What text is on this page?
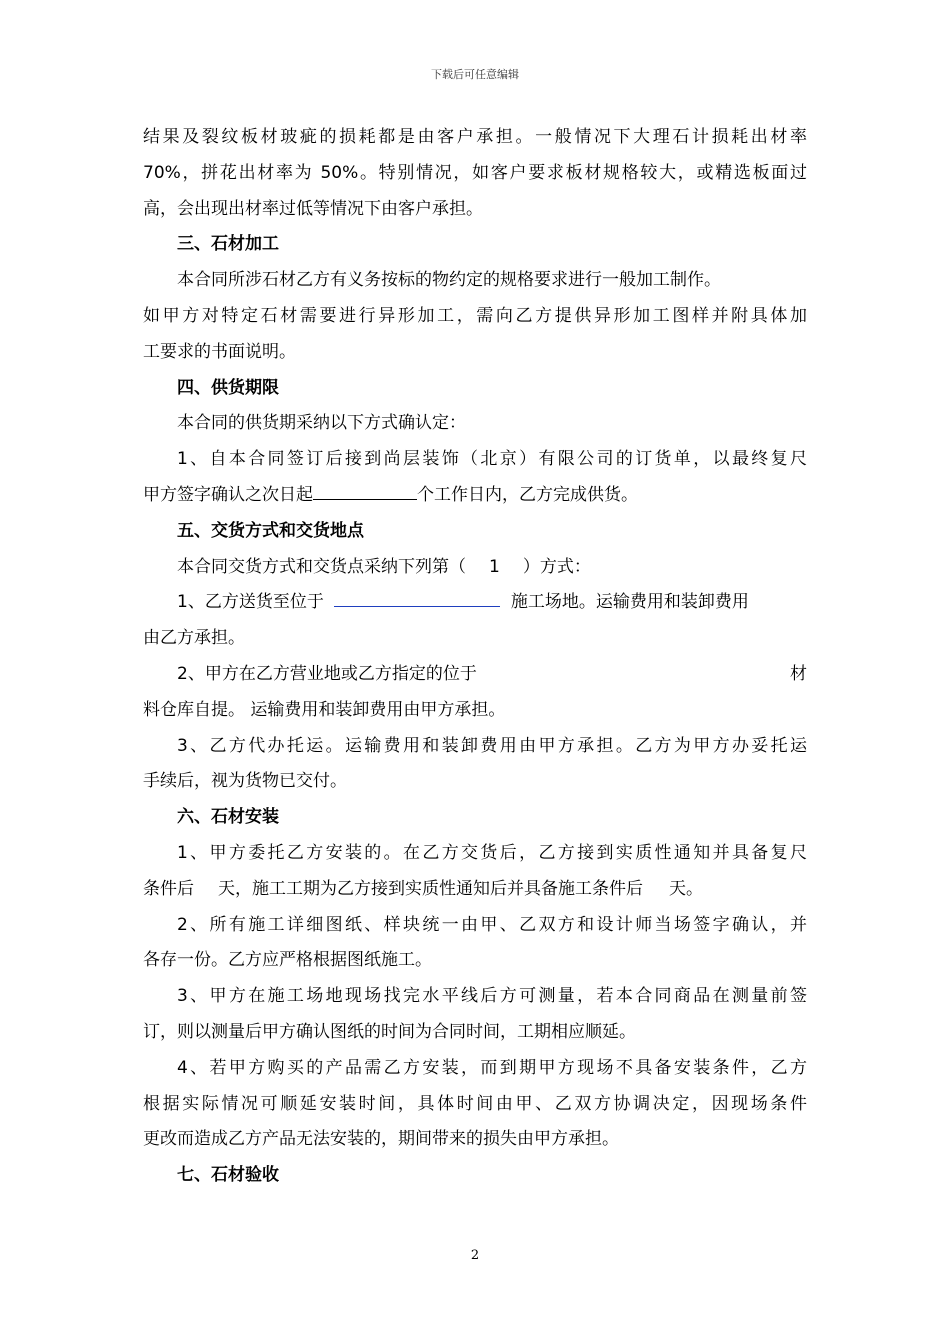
下载后可任意编辑
结果及裂纹板材玻疵的损耗都是由客户承担。一般情况下大理石计损耗出材率
70%，拼花出材率为 50%。特别情况，如客户要求板材规格较大，或精选板面过
高，会出现出材率过低等情况下由客户承担。
三、石材加工
本合同所涉石材乙方有义务按标的物约定的规格要求进行一般加工制作。
如甲方对特定石材需要进行异形加工，需向乙方提供异形加工图样并附具体加
工要求的书面说明。
四、供货期限
本合同的供货期采纳以下方式确认定：
1、自本合同签订后接到尚层装饰（北京）有限公司的订货单，以最终复尺
甲方签字确认之次日起	个工作日内，乙方完成供货。
五、交货方式和交货地点
本合同交货方式和交货点采纳下列第（ 1 ）方式：
1、乙方送货至位于	施工场地。运输费用和装卸费用
由乙方承担。
2、甲方在乙方营业地或乙方指定的位于	材
料仓库自提。 运输费用和装卸费用由甲方承担。
3、乙方代办托运。运输费用和装卸费用由甲方承担。乙方为甲方办妥托运
手续后，视为货物已交付。
六、石材安装
1、甲方委托乙方安装的。在乙方交货后，乙方接到实质性通知并具备复尺
条件后 天，施工工期为乙方接到实质性通知后并具备施工条件后 天。
2、所有施工详细图纸、样块统一由甲、乙双方和设计师当场签字确认，并
各存一份。乙方应严格根据图纸施工。
3、甲方在施工场地现场找完水平线后方可测量，若本合同商品在测量前签
订，则以测量后甲方确认图纸的时间为合同时间，工期相应顺延。
4、若甲方购买的产品需乙方安装，而到期甲方现场不具备安装条件，乙方
根据实际情况可顺延安装时间，具体时间由甲、乙双方协调决定，因现场条件
更改而造成乙方产品无法安装的，期间带来的损失由甲方承担。
七、石材验收
2
